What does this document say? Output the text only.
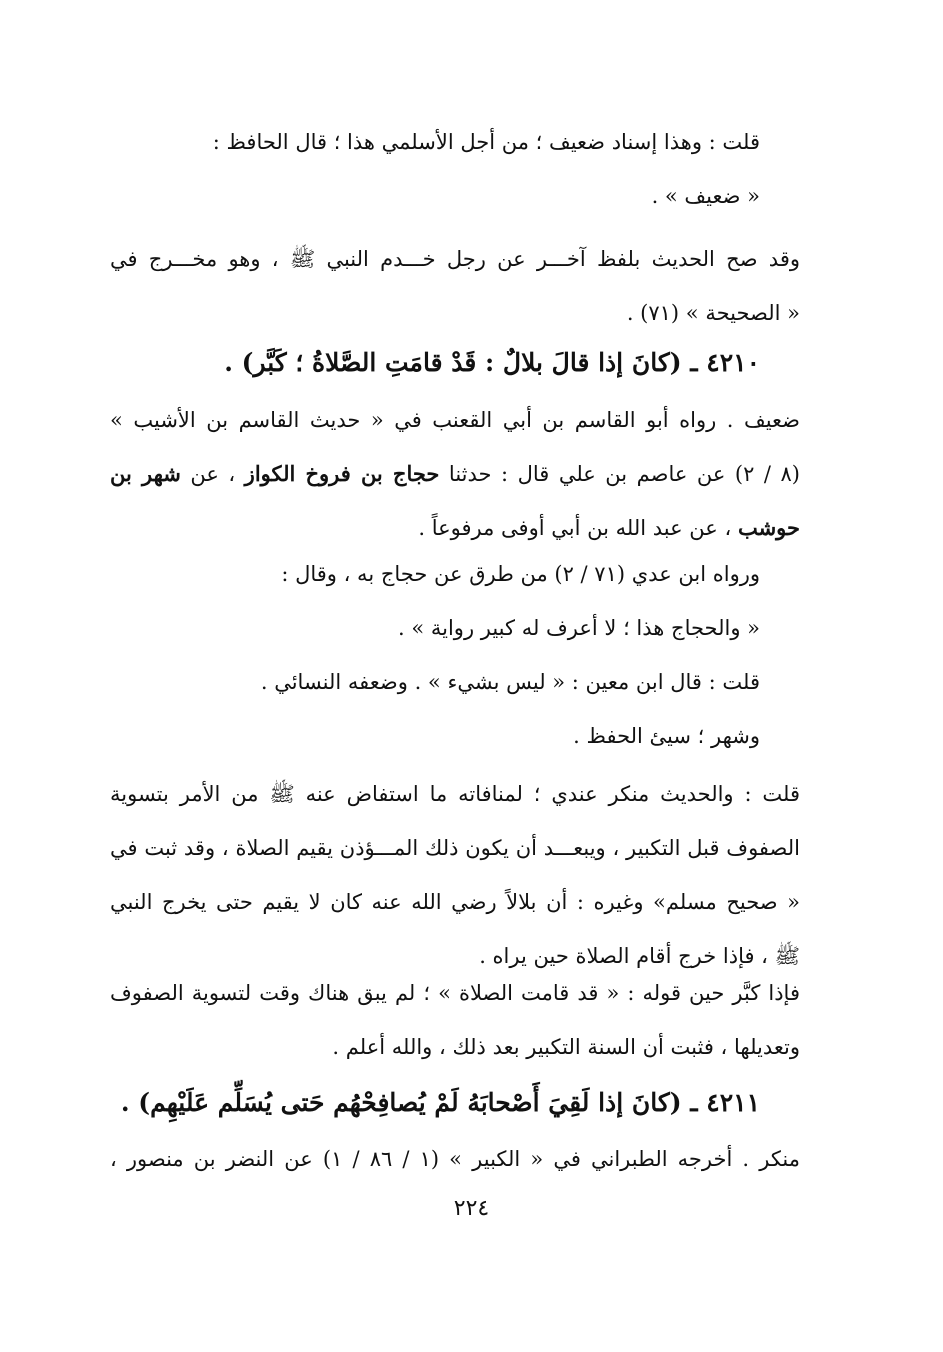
قلت : وهذا إسناد ضعيف ؛ من أجل الأسلمي هذا ؛ قال الحافظ :
« ضعيف » .
وقد صح الحديث بلفظ آخـــر عن رجل خـــدم النبي ﷺ ، وهو مخـــرج في
« الصحيحة » (٧١) .
٤٢١٠ ـ (كانَ إذا قالَ بلالٌ : قَدْ قامَتِ الصَّلاةُ ؛ كَبَّر) .
ضعيف . رواه أبو القاسم بن أبي القعنب في « حديث القاسم بن الأشيب »
(٨ / ٢) عن عاصم بن علي قال : حدثنا حجاج بن فروخ الكواز ، عن شهر بن
حوشب ، عن عبد الله بن أبي أوفى مرفوعاً .
ورواه ابن عدي (٧١ / ٢) من طرق عن حجاج به ، وقال :
« والحجاج هذا ؛ لا أعرف له كبير رواية » .
قلت : قال ابن معين : « ليس بشيء » . وضعفه النسائي .
وشهر ؛ سيئ الحفظ .
قلت : والحديث منكر عندي ؛ لمنافاته ما استفاض عنه ﷺ من الأمر بتسوية
الصفوف قبل التكبير ، ويبعـــد أن يكون ذلك المـــؤذن يقيم الصلاة ، وقد ثبت في
« صحيح مسلم» وغيره : أن بلالاً رضي الله عنه كان لا يقيم حتى يخرج النبي
ﷺ ، فإذا خرج أقام الصلاة حين يراه .
فإذا كبَّر حين قوله : « قد قامت الصلاة » ؛ لم يبق هناك وقت لتسوية الصفوف
وتعديلها ، فثبت أن السنة التكبير بعد ذلك ، والله أعلم .
٤٢١١ ـ (كانَ إذا لَقِيَ أَصْحابَهُ لَمْ يُصافِحْهُم حَتى يُسَلِّم عَلَيْهِم) .
منكر . أخرجه الطبراني في « الكبير » (١ / ٨٦ / ١) عن النضر بن منصور ،
٢٢٤
